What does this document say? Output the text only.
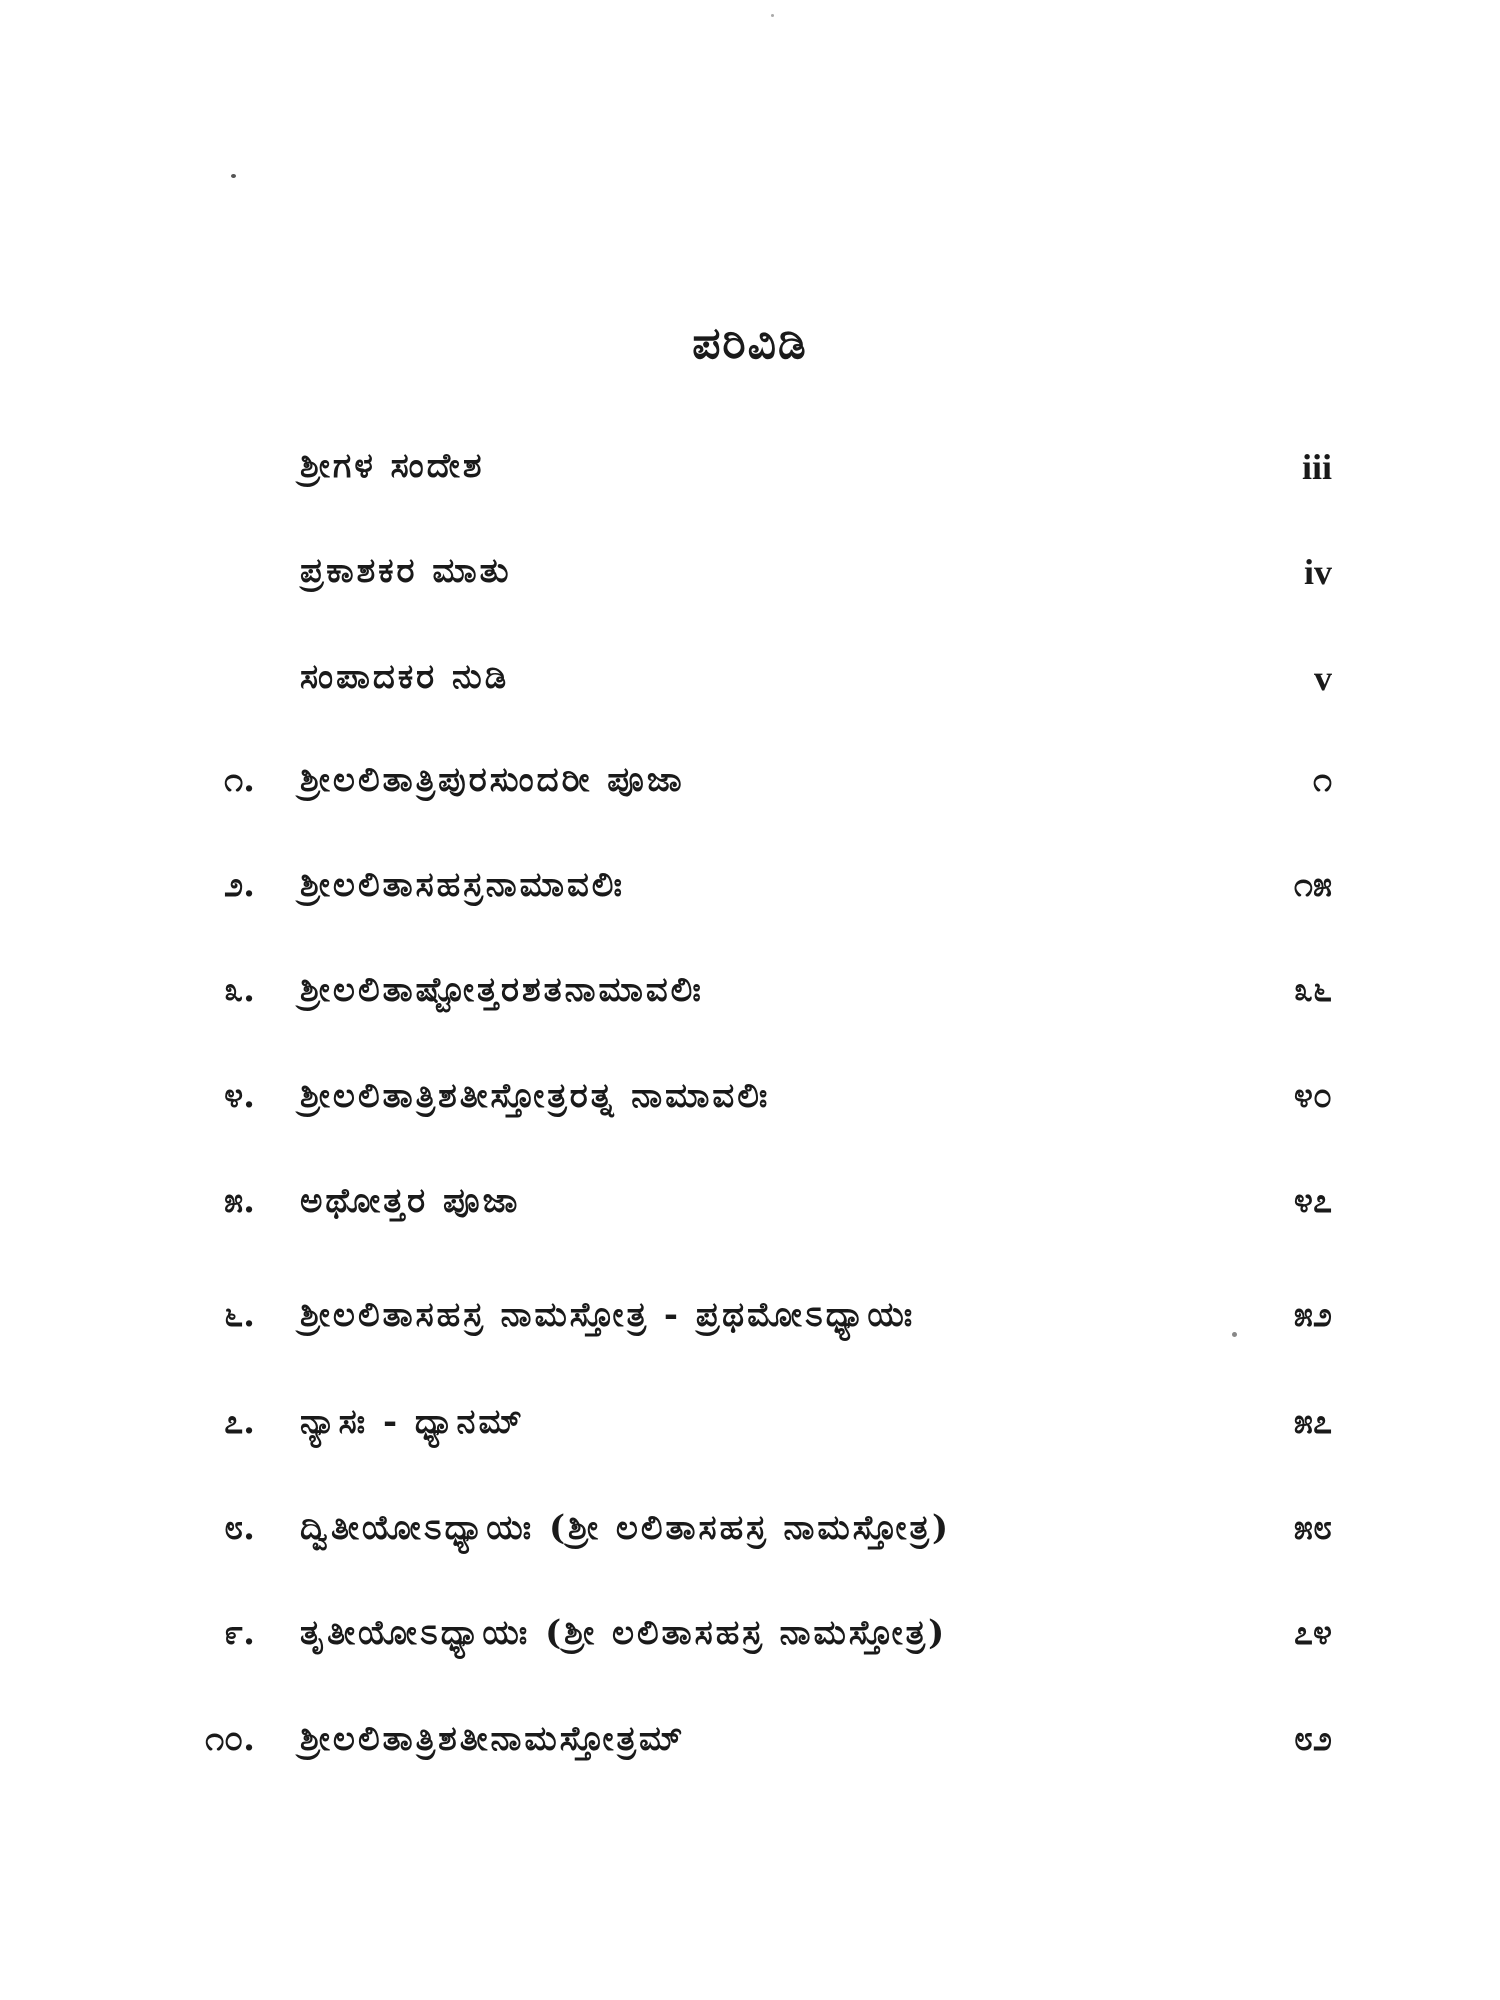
ಪರಿವಿಡಿ
ಶ್ರೀಗಳ ಸಂದೇಶ	iii
ಪ್ರಕಾಶಕರ ಮಾತು	iv
ಸಂಪಾದಕರ ನುಡಿ	v
೧. ಶ್ರೀಲಲಿತಾತ್ರಿಪುರಸುಂದರೀ ಪೂಜಾ	೧
೨. ಶ್ರೀಲಲಿತಾಸಹಸ್ರನಾಮಾವಲಿಃ	೧೫
೩. ಶ್ರೀಲಲಿತಾಷ್ಟೋತ್ತರಶತನಾಮಾವಲಿಃ	೩೬
೪. ಶ್ರೀಲಲಿತಾತ್ರಿಶತೀಸ್ತೋತ್ರರತ್ನ ನಾಮಾವಲಿಃ	೪೦
೫. ಅಥೋತ್ತರ ಪೂಜಾ	೪೭
೬. ಶ್ರೀಲಲಿತಾಸಹಸ್ರ ನಾಮಸ್ತೋತ್ರ - ಪ್ರಥಮೋಽಧ್ಯಾಯಃ	೫೨
೭. ನ್ಯಾಸಃ - ಧ್ಯಾನಮ್	೫೭
೮. ದ್ವಿತೀಯೋಽಧ್ಯಾಯಃ (ಶ್ರೀ ಲಲಿತಾಸಹಸ್ರ ನಾಮಸ್ತೋತ್ರ)	೫೮
೯. ತೃತೀಯೋಽಧ್ಯಾಯಃ (ಶ್ರೀ ಲಲಿತಾಸಹಸ್ರ ನಾಮಸ್ತೋತ್ರ)	೭೪
೧೦. ಶ್ರೀಲಲಿತಾತ್ರಿಶತೀನಾಮಸ್ತೋತ್ರಮ್	೮೨
